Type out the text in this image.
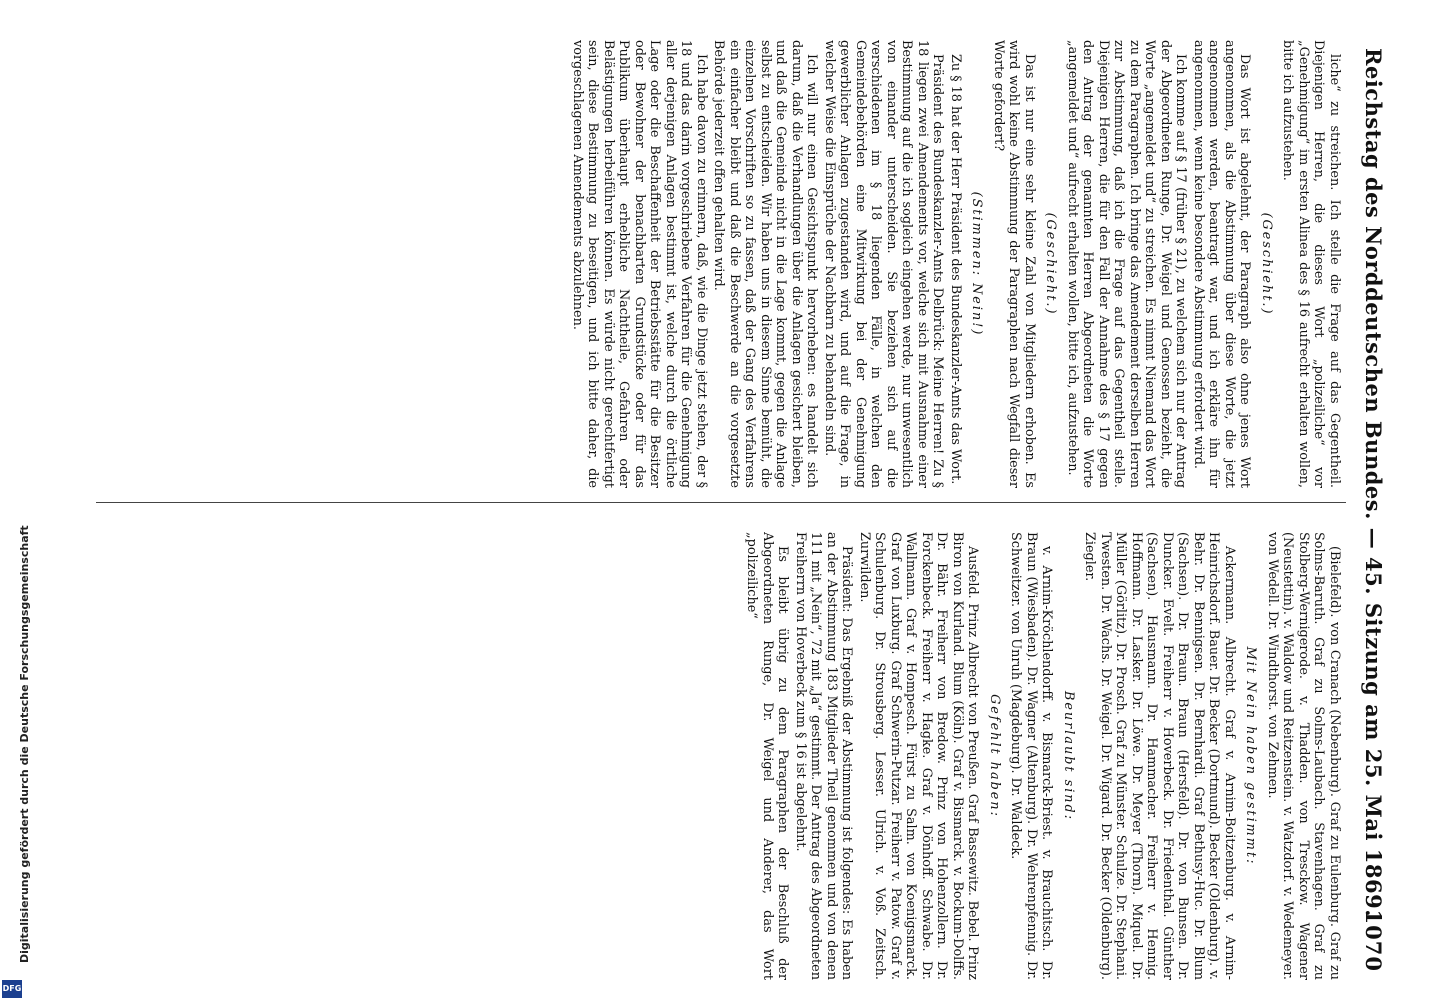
Reichstag des Norddeutschen Bundes. — 45. Sitzung am 25. Mai 1869.
1070

(Bielefeld). von Cranach (Nebenburg). Graf zu Eulenburg. Graf zu Solms-Baruth. Graf zu Solms-Laubach. Stavenhagen. Graf zu Stolberg-Wernigerode. v. Thadden. von Tresckow. Wagener (Neustettin). v. Waldow und Reitzenstein. v. Watzdorf. v. Wedemeyer. von Wedell. Dr. Windthorst. von Zehmen.

Mit Nein haben gestimmt:

Ackermann. Albrecht. Graf v. Arnim-Boitzenburg. v. Arnim-Heinrichsdorf. Bauer. Dr. Becker (Dortmund). Becker (Oldenburg). v. Behr. Dr. Bennigsen. Dr. Bernhardi. Graf Bethusy-Huc. Dr. Blum (Sachsen). Dr. Braun. Braun (Hersfeld). Dr. von Bunsen. Dr. Duncker. Evelt. Freiherr v. Hoverbeck. Dr. Friedenthal. Günther (Sachsen). Hausmann. Dr. Hammacher. Freiherr v. Hennig. Hoffmann. Dr. Lasker. Dr. Löwe. Dr. Meyer (Thorn). Miquel. Dr. Müller (Görlitz). Dr. Prosch. Graf zu Münster. Schulze. Dr. Stephani. Twesten. Dr. Wachs. Dr. Weigel. Dr. Wigard. Dr. Becker (Oldenburg). Ziegler.

Beurlaubt sind:

v. Arnim-Kröchlendorff. v. Bismarck-Briest. v. Brauchitsch. Dr. Braun (Wiesbaden). Dr. Wagner (Altenburg). Dr. Wehrenpfennig. Dr. Schweitzer. von Unruh (Magdeburg). Dr. Waldeck.

Gefehlt haben:

Ausfeld. Prinz Albrecht von Preußen. Graf Bassewitz. Bebel. Prinz Biron von Kurland. Blum (Köln). Graf v. Bismarck. v. Bockum-Dolffs. Dr. Bähr. Freiherr von Bredow. Prinz von Hohenzollern. Dr. Forckenbeck. Freiherr v. Hagke. Graf v. Dönhoff. Schwabe. Dr. Wallmann. Graf v. Hompesch. Fürst zu Salm. von Koenigsmarck. Graf von Luxburg. Graf Schwerin-Putzar. Freiherr v. Patow. Graf v. Schulenburg. Dr. Strousberg. Lesser. Ulrich. v. Voß. Zeitsch. Zurwilden.

Präsident: Das Ergebniß der Abstimmung ist folgendes: Es haben an der Abstimmung 183 Mitglieder Theil genommen und von denen 111 mit „Nein“, 72 mit „Ja“ gestimmt. Der Antrag des Abgeordneten Freiherrn von Hoverbeck zum § 16 ist abgelehnt.

Es bleibt übrig zu dem Paragraphen der Beschluß der Abgeordneten Runge, Dr. Weigel und Anderer, das Wort „polizeiliche“

liche“ zu streichen. Ich stelle die Frage auf das Gegentheil. Diejenigen Herren, die dieses Wort „polizeiliche“ vor „Genehmigung“ im ersten Alinea des § 16 aufrecht erhalten wollen, bitte ich aufzustehen.

(Geschieht.)

Das Wort ist abgelehnt, der Paragraph also ohne jenes Wort angenommen, als die Abstimmung über diese Worte, die jetzt angenommen werden, beantragt war, und ich erkläre ihn für angenommen, wenn keine besondere Abstimmung erfordert wird.

Ich komme auf § 17 (früher § 21), zu welchem sich nur der Antrag der Abgeordneten Runge, Dr. Weigel und Genossen bezieht, die Worte „angemeldet und“ zu streichen. Es nimmt Niemand das Wort zu dem Paragraphen. Ich bringe das Amendement derselben Herren zur Abstimmung, daß ich die Frage auf das Gegentheil stelle. Diejenigen Herren, die für den Fall der Annahme des § 17 gegen den Antrag der genannten Herren Abgeordneten die Worte „angemeldet und“ aufrecht erhalten wollen, bitte ich, aufzustehen.

(Geschieht.)

Das ist nur eine sehr kleine Zahl von Mitgliedern erhoben. Es wird wohl keine Abstimmung der Paragraphen nach Wegfall dieser Worte gefordert?

(Stimmen: Nein!)

Zu § 18 hat der Herr Präsident des Bundeskanzler-Amts das Wort.

Präsident des Bundeskanzler-Amts Delbrück: Meine Herren! Zu § 18 liegen zwei Amendements vor, welche sich mit Ausnahme einer Bestimmung auf die ich sogleich eingehen werde, nur unwesentlich von einander unterscheiden. Sie beziehen sich auf die verschiedenen im § 18 liegenden Fälle, in welchen den Gemeindebehörden eine Mitwirkung bei der Genehmigung gewerblicher Anlagen zugestanden wird, und auf die Frage, in welcher Weise die Einsprüche der Nachbarn zu behandeln sind.

Ich will nur einen Gesichtspunkt hervorheben: es handelt sich darum, daß die Verhandlungen über die Anlagen gesichert bleiben, und daß die Gemeinde nicht in die Lage kommt, gegen die Anlage selbst zu entscheiden. Wir haben uns in diesem Sinne bemüht, die einzelnen Vorschriften so zu fassen, daß der Gang des Verfahrens ein einfacher bleibt und daß die Beschwerde an die vorgesetzte Behörde jederzeit offen gehalten wird.

Ich habe davon zu erinnern, daß, wie die Dinge jetzt stehen, der § 18 und das darin vorgeschriebene Verfahren für die Genehmigung aller derjenigen Anlagen bestimmt ist, welche durch die örtliche Lage oder die Beschaffenheit der Betriebsstätte für die Besitzer oder Bewohner der benachbarten Grundstücke oder für das Publikum überhaupt erhebliche Nachtheile, Gefahren oder Belästigungen herbeiführen können. Es würde nicht gerechtfertigt sein, diese Bestimmung zu beseitigen, und ich bitte daher, die vorgeschlagenen Amendements abzulehnen.

Digitalisierung gefördert durch die Deutsche Forschungsgemeinschaft
DFG
